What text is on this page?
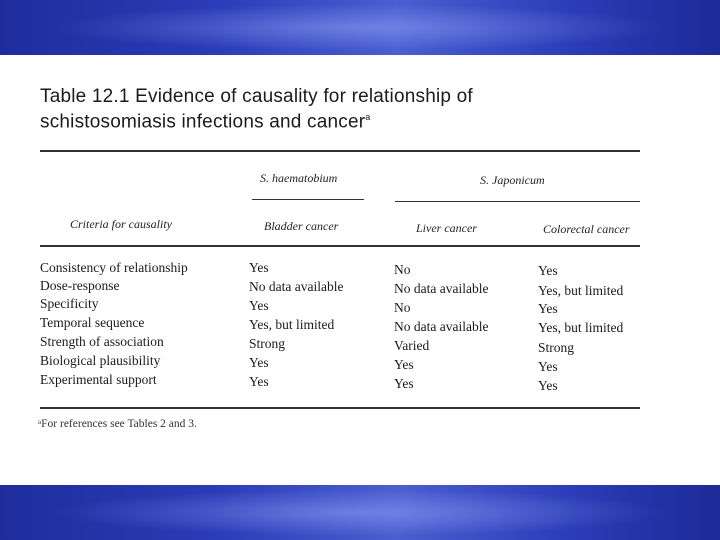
Table 12.1 Evidence of causality for relationship of
schistosomiasis infections and cancer$^a$
S. haematobium	S. Japonicum
Criteria for causality	Bladder cancer	Liver cancer	Colorectal cancer
Consistency of relationship	Yes	No	Yes
Dose-response	No data available	No data available	Yes, but limited
Specificity	Yes	No	Yes
Temporal sequence	Yes, but limited	No data available	Yes, but limited
Strength of association	Strong	Varied	Strong
Biological plausibility	Yes	Yes	Yes
Experimental support	Yes	Yes	Yes
ᵃFor references see Tables 2 and 3.
